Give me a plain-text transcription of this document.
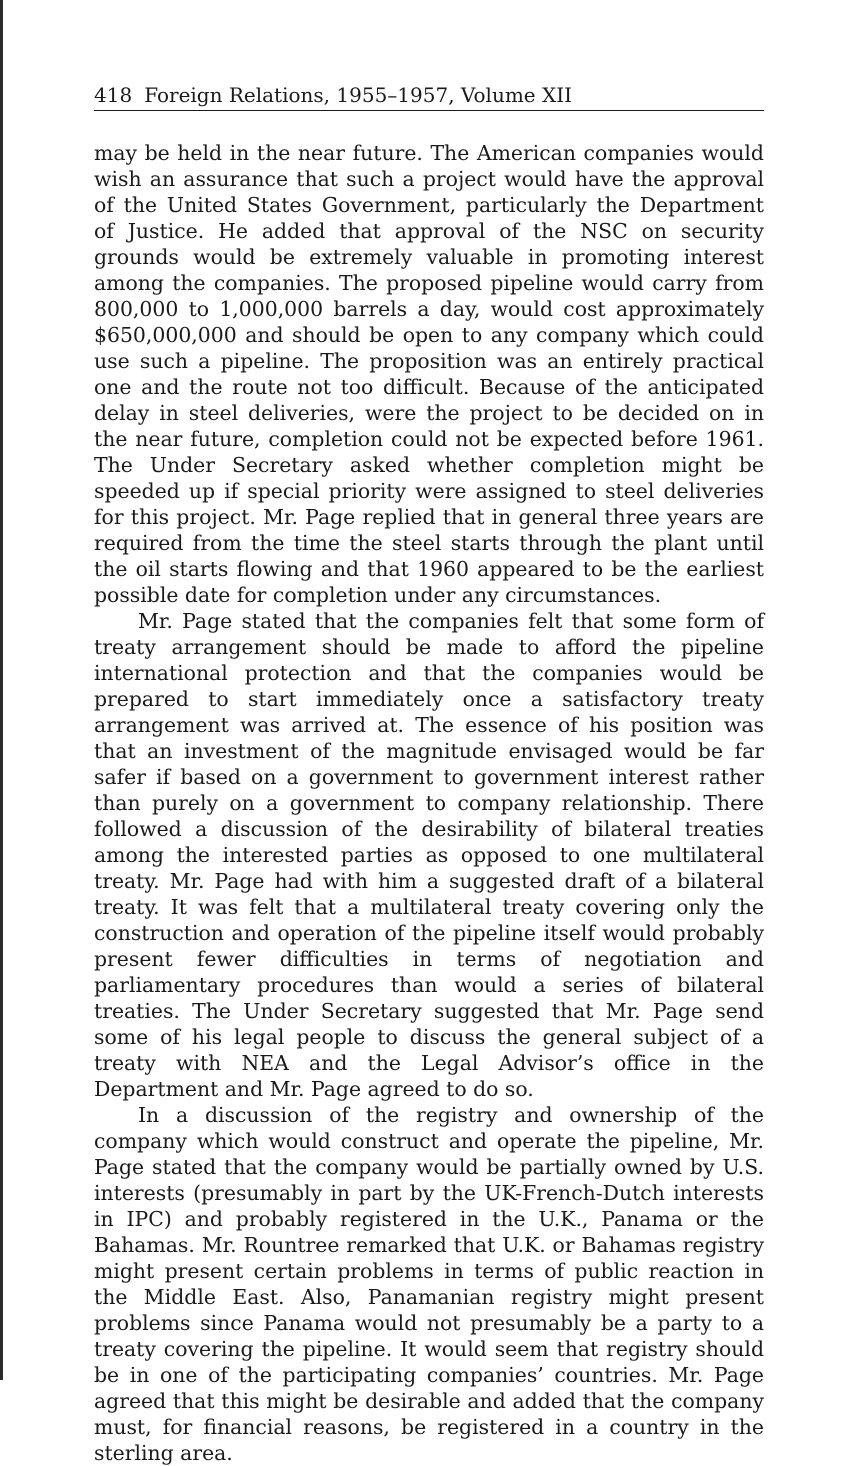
418 Foreign Relations, 1955–1957, Volume XII

may be held in the near future. The American companies would wish an assurance that such a project would have the approval of the United States Government, particularly the Department of Justice. He added that approval of the NSC on security grounds would be extremely valuable in promoting interest among the companies. The proposed pipeline would carry from 800,000 to 1,000,000 barrels a day, would cost approximately $650,000,000 and should be open to any company which could use such a pipeline. The proposition was an entirely practical one and the route not too difficult. Because of the anticipated delay in steel deliveries, were the project to be decided on in the near future, completion could not be expected before 1961. The Under Secretary asked whether completion might be speeded up if special priority were assigned to steel deliveries for this project. Mr. Page replied that in general three years are required from the time the steel starts through the plant until the oil starts flowing and that 1960 appeared to be the earliest possible date for completion under any circumstances.

Mr. Page stated that the companies felt that some form of treaty arrangement should be made to afford the pipeline international protection and that the companies would be prepared to start immediately once a satisfactory treaty arrangement was arrived at. The essence of his position was that an investment of the magnitude envisaged would be far safer if based on a government to government interest rather than purely on a government to company relationship. There followed a discussion of the desirability of bilateral treaties among the interested parties as opposed to one multilateral treaty. Mr. Page had with him a suggested draft of a bilateral treaty. It was felt that a multilateral treaty covering only the construction and operation of the pipeline itself would probably present fewer difficulties in terms of negotiation and parliamentary procedures than would a series of bilateral treaties. The Under Secretary suggested that Mr. Page send some of his legal people to discuss the general subject of a treaty with NEA and the Legal Advisor’s office in the Department and Mr. Page agreed to do so.

In a discussion of the registry and ownership of the company which would construct and operate the pipeline, Mr. Page stated that the company would be partially owned by U.S. interests (presumably in part by the UK-French-Dutch interests in IPC) and probably registered in the U.K., Panama or the Bahamas. Mr. Rountree remarked that U.K. or Bahamas registry might present certain problems in terms of public reaction in the Middle East. Also, Panamanian registry might present problems since Panama would not presumably be a party to a treaty covering the pipeline. It would seem that registry should be in one of the participating companies’ countries. Mr. Page agreed that this might be desirable and added that the company must, for financial reasons, be registered in a country in the sterling area.
